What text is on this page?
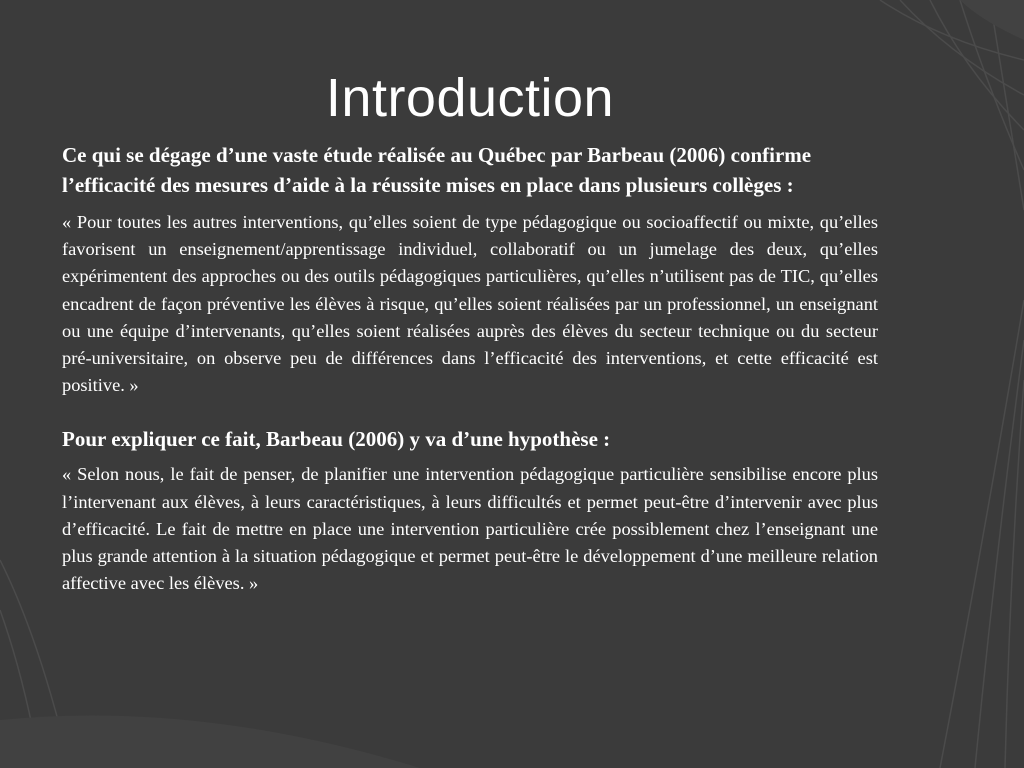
Introduction

Ce qui se dégage d’une vaste étude réalisée au Québec par Barbeau (2006) confirme l’efficacité des mesures d’aide à la réussite mises en place dans plusieurs collèges :

« Pour toutes les autres interventions, qu’elles soient de type pédagogique ou socioaffectif ou mixte, qu’elles favorisent un enseignement/apprentissage individuel, collaboratif ou un jumelage des deux, qu’elles expérimentent des approches ou des outils pédagogiques particulières, qu’elles n’utilisent pas de TIC, qu’elles encadrent de façon préventive les élèves à risque, qu’elles soient réalisées par un professionnel, un enseignant ou une équipe d’intervenants, qu’elles soient réalisées auprès des élèves du secteur technique ou du secteur pré-universitaire, on observe peu de différences dans l’efficacité des interventions, et cette efficacité est positive. »

Pour expliquer ce fait, Barbeau (2006) y va d’une hypothèse :

« Selon nous, le fait de penser, de planifier une intervention pédagogique particulière sensibilise encore plus l’intervenant aux élèves, à leurs caractéristiques, à leurs difficultés et permet peut-être d’intervenir avec plus d’efficacité. Le fait de mettre en place une intervention particulière crée possiblement chez l’enseignant une plus grande attention à la situation pédagogique et permet peut-être le développement d’une meilleure relation affective avec les élèves. »
